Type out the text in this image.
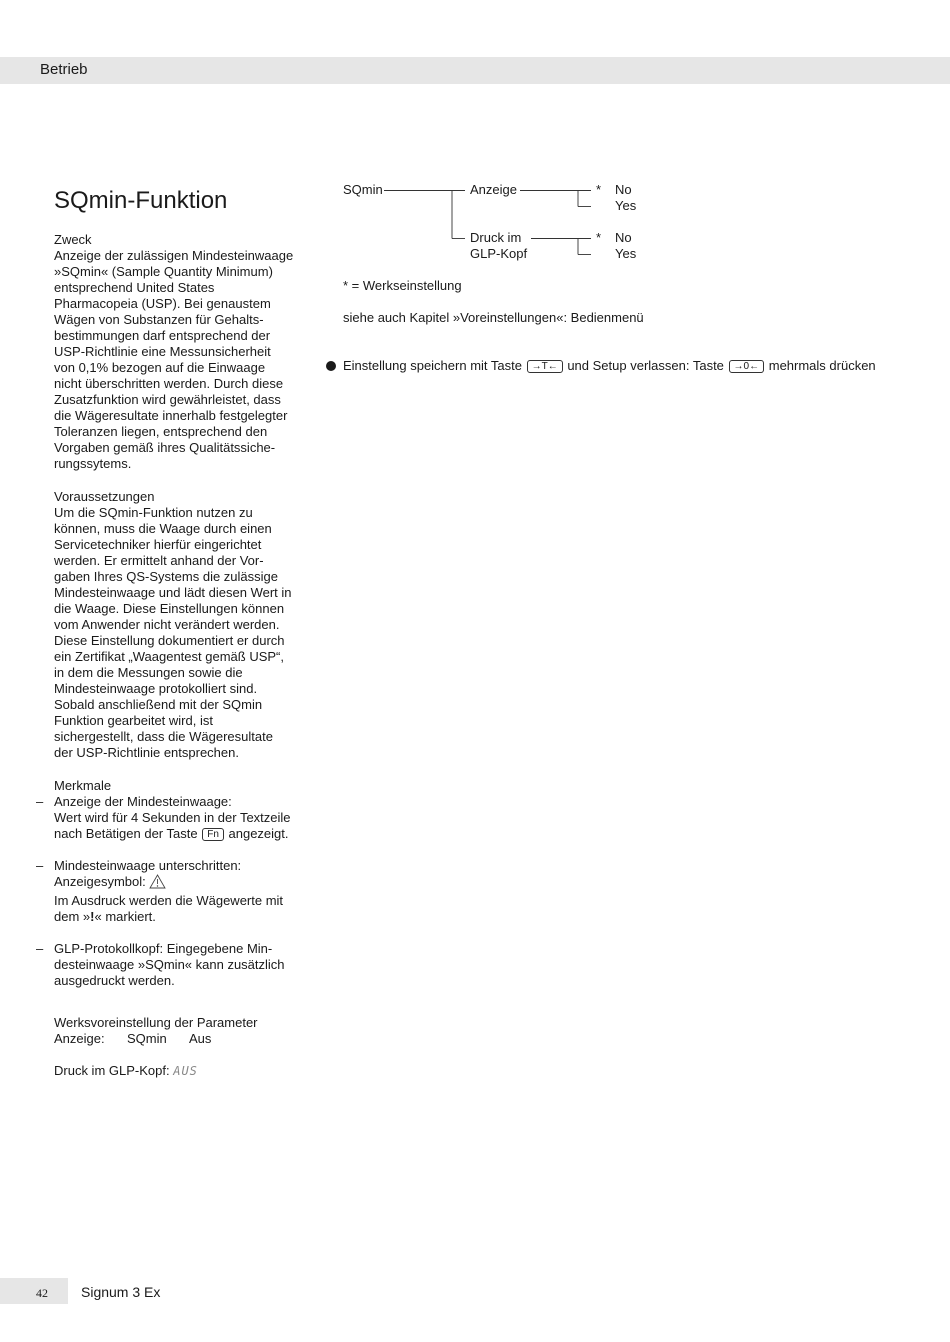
Betrieb
SQmin-Funktion

Zweck
Anzeige der zulässigen Mindesteinwaage »SQmin« (Sample Quantity Minimum) entsprechend United States Pharmacopeia (USP). Bei genaustem Wägen von Substanzen für Gehaltsbestimmungen darf entsprechend der USP-Richtlinie eine Messunsicherheit von 0,1% bezogen auf die Einwaage nicht überschritten werden. Durch diese Zusatzfunktion wird gewährleistet, dass die Wägeresultate innerhalb festgelegter Toleranzen liegen, entsprechend den Vorgaben gemäß ihres Qualitätssicherungssytems.

Voraussetzungen
Um die SQmin-Funktion nutzen zu können, muss die Waage durch einen Servicetechniker hierfür eingerichtet werden. Er ermittelt anhand der Vorgaben Ihres QS-Systems die zulässige Mindesteinwaage und lädt diesen Wert in die Waage. Diese Einstellungen können vom Anwender nicht verändert werden. Diese Einstellung dokumentiert er durch ein Zertifikat „Waagentest gemäß USP“, in dem die Messungen sowie die Mindesteinwaage protokolliert sind. Sobald anschließend mit der SQmin Funktion gearbeitet wird, ist sichergestellt, dass die Wägeresultate der USP-Richtlinie entsprechen.

Merkmale
– Anzeige der Mindesteinwaage:
Wert wird für 4 Sekunden in der Textzeile nach Betätigen der Taste Fn angezeigt.
– Mindesteinwaage unterschritten:
Anzeigesymbol:
Im Ausdruck werden die Wägewerte mit dem »!« markiert.
– GLP-Protokollkopf: Eingegebene Mindesteinwaage »SQmin« kann zusätzlich ausgedruckt werden.
Werksvoreinstellung der Parameter
Anzeige: SQmin Aus
Druck im GLP-Kopf: AUS
SQmin	Anzeige
Druck im
GLP-Kopf
* No
Yes
* No
Yes

* = Werkseinstellung

siehe auch Kapitel »Voreinstellungen«: Bedienmenü

Einstellung speichern mit Taste →T← und Setup verlassen: Taste →0← mehrmals drücken

42 Signum 3 Ex
